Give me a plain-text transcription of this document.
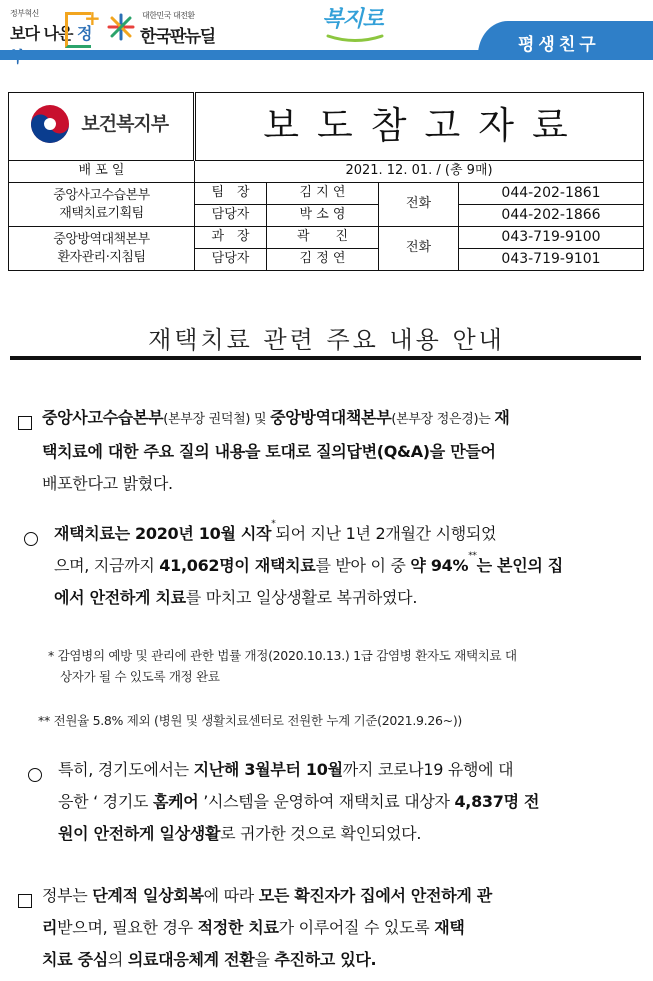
정부혁신
보다 나은 정
+	대한민국 대전환
한국판뉴딜
복지로
평생친구
보건복지부		보도참고자료			
배 포 일		2021. 12. 01. / (총 9매)			
중앙사고수습본부
재택치료기획팀		팀　장	김 지 연	전화	044-202-1861
		담당자	박 소 영		044-202-1866
중앙방역대책본부
환자관리·지침팀		과　장	곽　　진	전화	043-719-9100
		담당자	김 정 연		043-719-9101
재택치료 관련 주요 내용 안내
중앙사고수습본부(본부장 권덕철) 및 중앙방역대책본부(본부장 정은경)는 재
택치료에 대한 주요 질의 내용을 토대로 질의답변(Q&A)을 만들어
배포한다고 밝혔다.
재택치료는 2020년 10월 시작*되어 지난 1년 2개월간 시행되었
으며, 지금까지 41,062명이 재택치료를 받아 이 중 약 94%**는 본인의 집
에서 안전하게 치료를 마치고 일상생활로 복귀하였다.
* 감염병의 예방 및 관리에 관한 법률 개정(2020.10.13.) 1급 감염병 환자도 재택치료 대
상자가 될 수 있도록 개정 완료
** 전원율 5.8% 제외 (병원 및 생활치료센터로 전원한 누계 기준(2021.9.26~))
특히, 경기도에서는 지난해 3월부터 10월까지 코로나19 유행에 대
응한 ‘ 경기도 홈케어 ’시스템을 운영하여 재택치료 대상자 4,837명 전
원이 안전하게 일상생활로 귀가한 것으로 확인되었다.
정부는 단계적 일상회복에 따라 모든 확진자가 집에서 안전하게 관
리받으며, 필요한 경우 적정한 치료가 이루어질 수 있도록 재택
치료 중심의 의료대응체계 전환을 추진하고 있다.
